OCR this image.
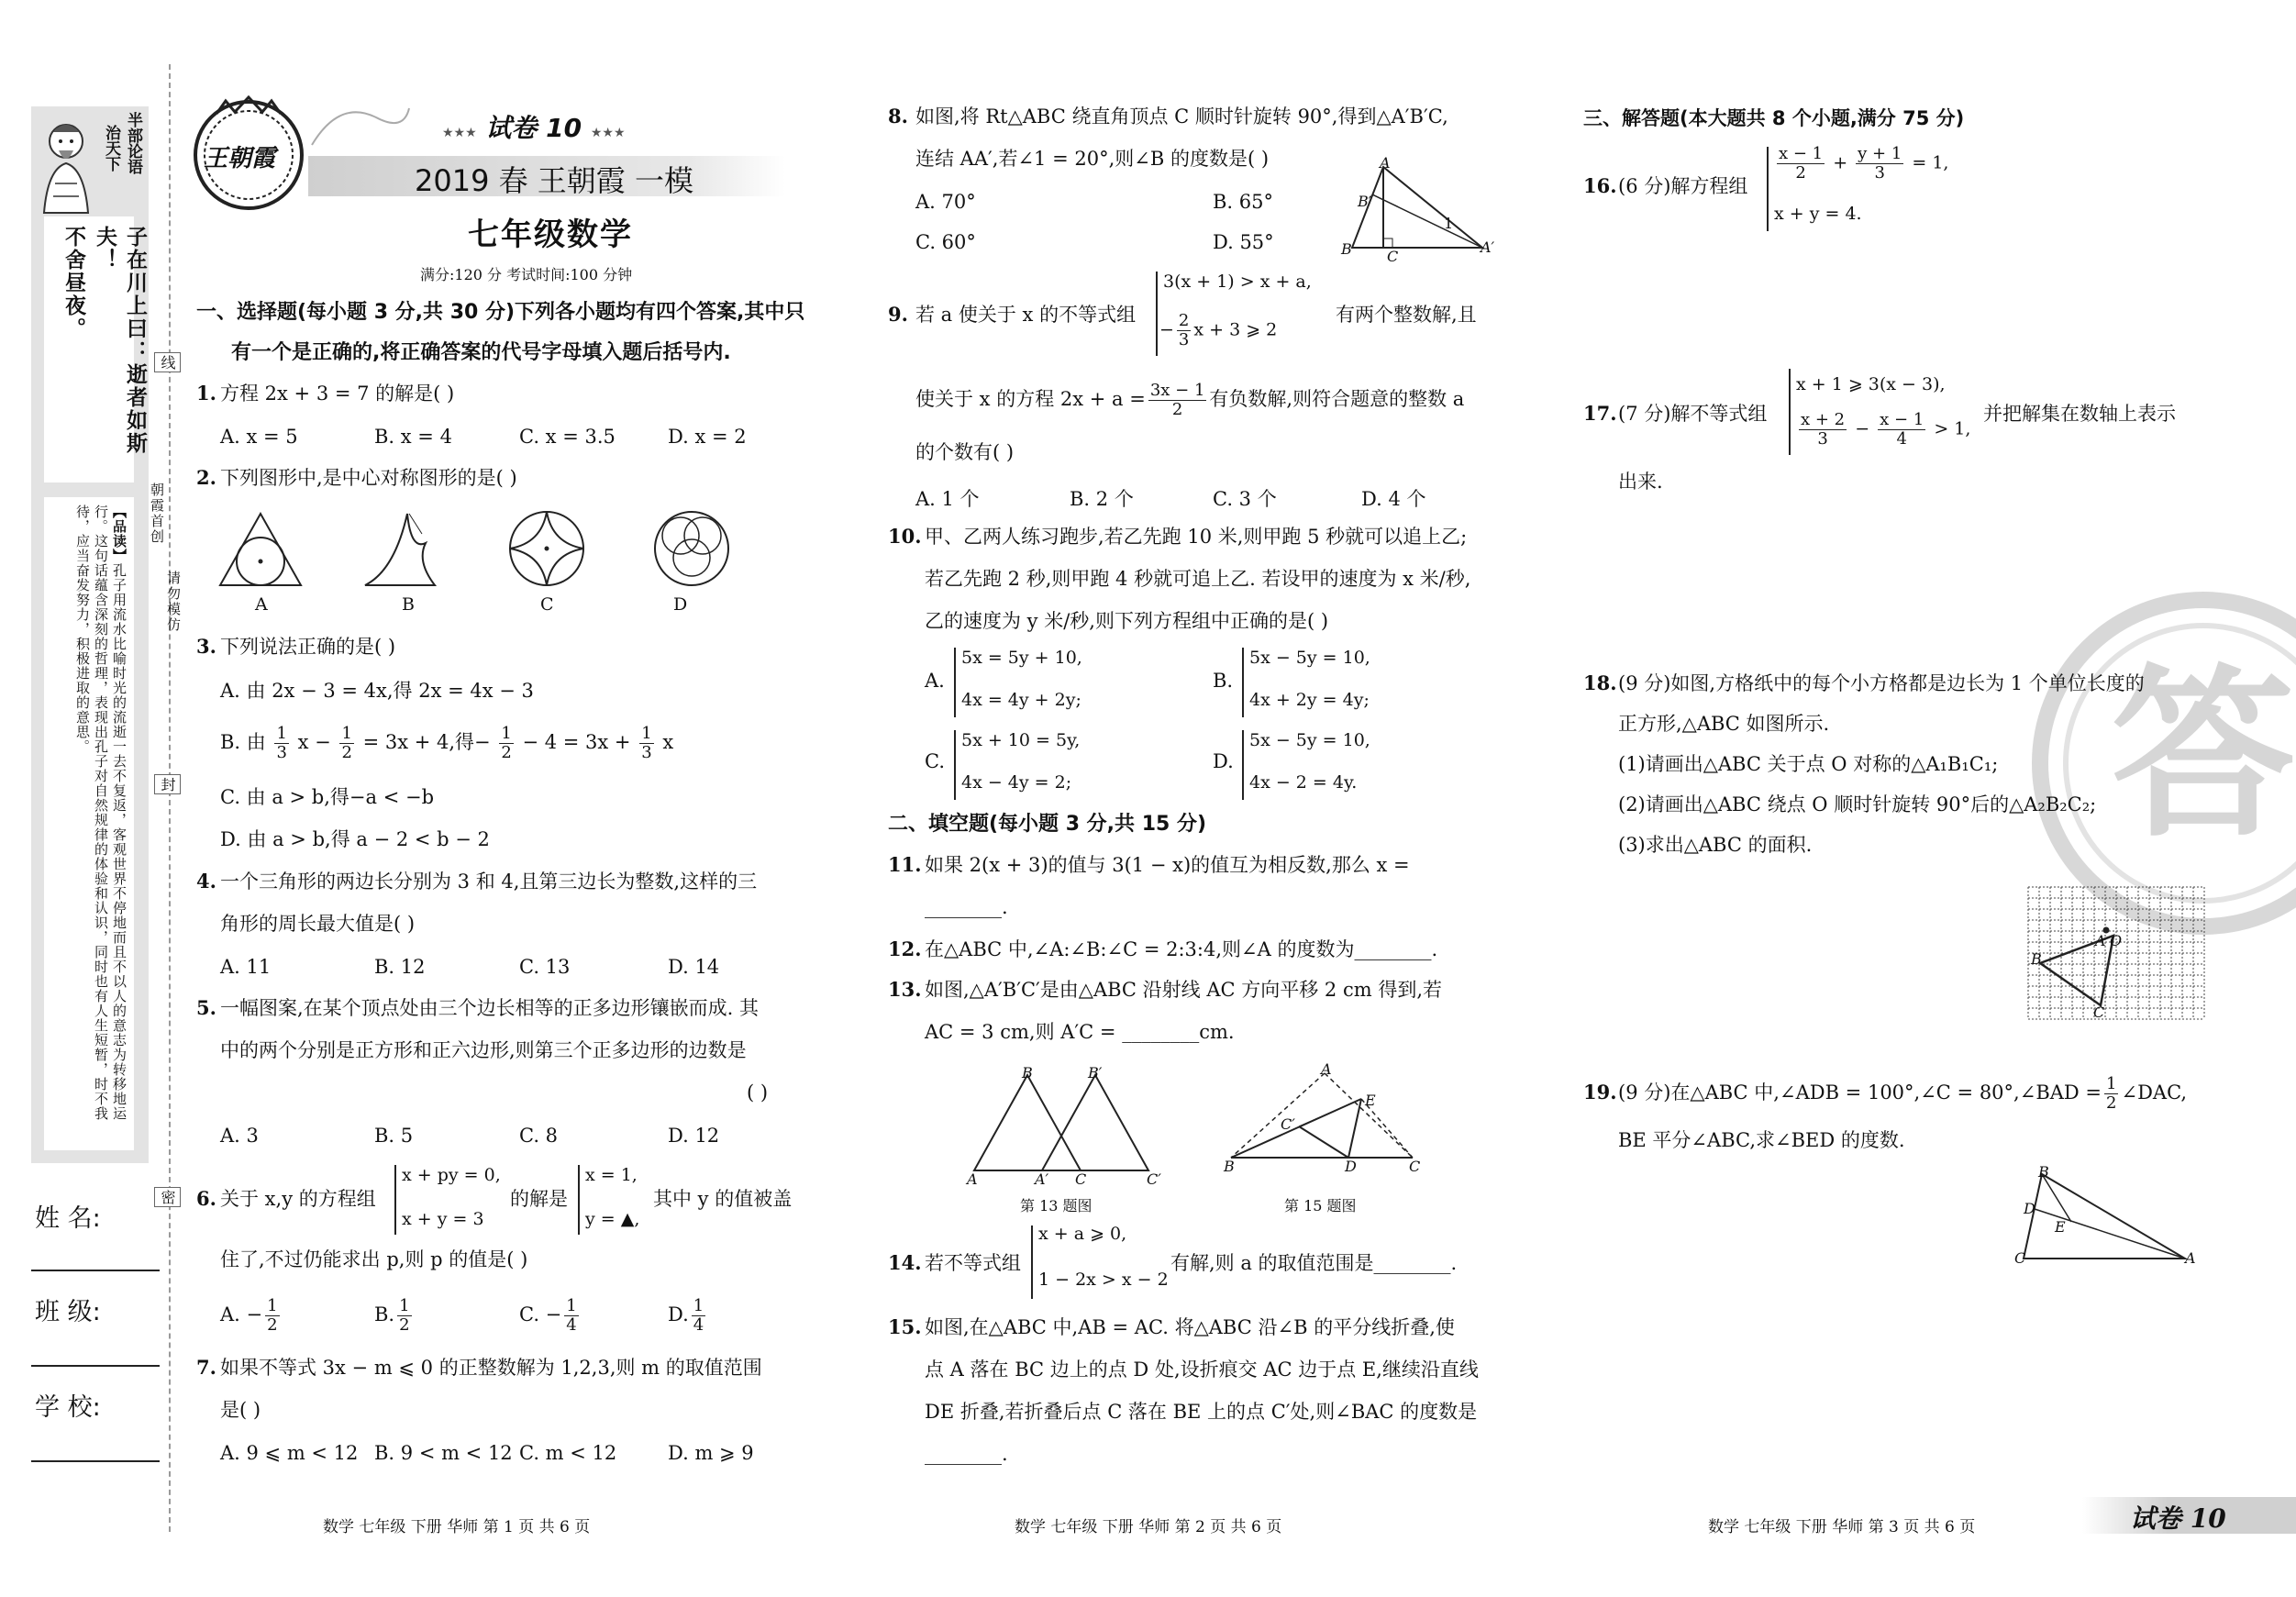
半部论语
治天下
子在川上曰：逝者如斯夫！
不舍昼夜。
【品读】孔子用流水比喻时光的流逝一去不复返，客观世界不停地而且不以人的意志为转移地运行。这句话蕴含深刻的哲理，表现出孔子对自然规律的体验和认识，同时也有人生短暂，时不我待，应当奋发努力，积极进取的意思。
姓 名:
班 级:
学 校:
线
朝霞首创
请勿模仿
封
密
王朝霞
★★★ 试卷 10 ★★★
2019 春 王朝霞 一模
七年级数学
满分:120 分 考试时间:100 分钟
一、选择题(每小题 3 分,共 30 分)下列各小题均有四个答案,其中只
有一个是正确的,将正确答案的代号字母填入题后括号内.
1. 方程 2x + 3 = 7 的解是( )
A. x = 5	B. x = 4	C. x = 3.5	D. x = 2
2. 下列图形中,是中心对称图形的是( )
A	B	C	D
3. 下列说法正确的是( )
A. 由 2x − 3 = 4x,得 2x = 4x − 3
B. 由 $\frac{1}{3}$ $x - \frac{1}{2} = 3x + 4$,得− $\frac{1}{2} - 4 = 3x + \frac{1}{3}$ x
C. 由 a > b,得−a < −b
D. 由 a > b,得 a − 2 < b − 2
4. 一个三角形的两边长分别为 3 和 4,且第三边长为整数,这样的三
角形的周长最大值是( )
A. 11	B. 12	C. 13	D. 14
5. 一幅图案,在某个顶点处由三个边长相等的正多边形镶嵌而成. 其
中的两个分别是正方形和正六边形,则第三个正多边形的边数是
( )
A. 3	B. 5	C. 8	D. 12
6. 关于 x,y 的方程组
x + py = 0,
x + y = 3
的解是
x = 1,
y = ▲,
其中 y 的值被盖
住了,不过仍能求出 p,则 p 的值是( )
A. − $\frac{1}{2}$	B. $\frac{1}{2}$	C. − $\frac{1}{4}$	D. $\frac{1}{4}$
7. 如果不等式 3x − m ⩽ 0 的正整数解为 1,2,3,则 m 的取值范围
是( )
A. 9 ⩽ m < 12 B. 9 < m < 12 C. m < 12	D. m ⩾ 9
数学 七年级 下册 华师 第 1 页 共 6 页
8. 如图,将 Rt△ABC 绕直角顶点 C 顺时针旋转 90°,得到△A′B′C,
连结 AA′,若∠1 = 20°,则∠B 的度数是( )
A. 70°	B. 65°
C. 60°	D. 55°
A
B′
1
B C
A′
9. 若 a 使关于 x 的不等式组
3(x + 1) > x + a,
− $\frac{2}{3}$ x + 3 ⩾ 2
有两个整数解,且
使关于 x 的方程 $2x + a = \frac{3x - 1}{2}$ 有负数解,则符合题意的整数 a
的个数有( )
A. 1 个	B. 2 个	C. 3 个	D. 4 个
10. 甲、乙两人练习跑步,若乙先跑 10 米,则甲跑 5 秒就可以追上乙;
若乙先跑 2 秒,则甲跑 4 秒就可追上乙. 若设甲的速度为 x 米/秒,
乙的速度为 y 米/秒,则下列方程组中正确的是( )
A.
5x = 5y + 10,
4x = 4y + 2y;
B.
5x − 5y = 10,
4x + 2y = 4y;
C.
5x + 10 = 5y,
4x − 4y = 2;
D.
5x − 5y = 10,
4x − 2 = 4y.
二、填空题(每小题 3 分,共 15 分)
11. 如果 2(x + 3)的值与 3(1 − x)的值互为相反数,那么 x =
________.
12. 在△ABC 中,∠A:∠B:∠C = 2:3:4,则∠A 的度数为________.
13. 如图,△A′B′C′是由△ABC 沿射线 AC 方向平移 2 cm 得到,若
AC = 3 cm,则 A′C = ________cm.
B	B′
A	A′ C	C′
第 13 题图
A
E
C′
B	D	C
第 15 题图
14. 若不等式组
x + a ⩾ 0,
1 − 2x > x − 2
有解,则 a 的取值范围是________.
15. 如图,在△ABC 中,AB = AC. 将△ABC 沿∠B 的平分线折叠,使
点 A 落在 BC 边上的点 D 处,设折痕交 AC 边于点 E,继续沿直线
DE 折叠,若折叠后点 C 落在 BE 上的点 C′处,则∠BAC 的度数是
________.
数学 七年级 下册 华师 第 2 页 共 6 页
三、解答题(本大题共 8 个小题,满分 75 分)
16. (6 分)解方程组
$\frac{x - 1}{2} + \frac{y + 1}{3} = 1$,
x + y = 4.
17. (7 分)解不等式组
x + 1 ⩾ 3(x − 3),
$\frac{x + 2}{3} - \frac{x - 1}{4} > 1$,
并把解集在数轴上表示
出来.
答
18. (9 分)如图,方格纸中的每个小方格都是边长为 1 个单位长度的
正方形,△ABC 如图所示.
(1)请画出△ABC 关于点 O 对称的△A₁B₁C₁;
(2)请画出△ABC 绕点 O 顺时针旋转 90°后的△A₂B₂C₂;
(3)求出△ABC 的面积.
B
A O
C
19. (9 分)在△ABC 中,∠ADB = 100°,∠C = 80°,∠BAD = $\frac{1}{2}$ ∠DAC,
BE 平分∠ABC,求∠BED 的度数.
B
D
E
C	A
数学 七年级 下册 华师 第 3 页 共 6 页	试卷 10
